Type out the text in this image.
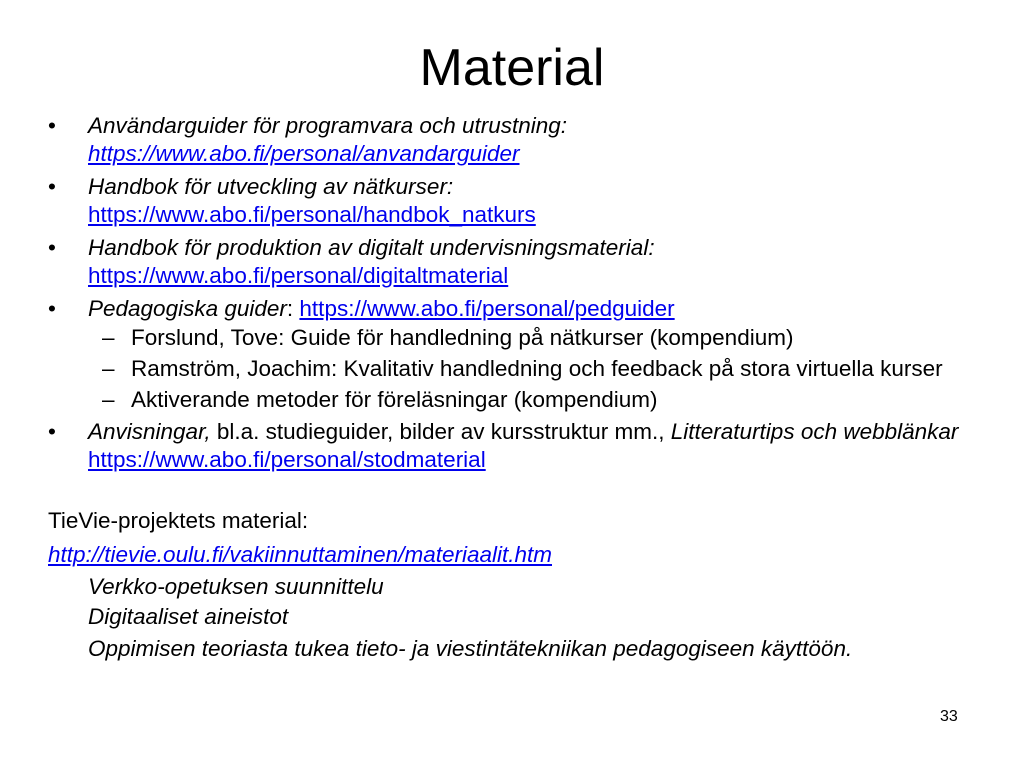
Material
• Användarguider för programvara och utrustning:
https://www.abo.fi/personal/anvandarguider
• Handbok för utveckling av nätkurser:
https://www.abo.fi/personal/handbok_natkurs
• Handbok för produktion av digitalt undervisningsmaterial:
https://www.abo.fi/personal/digitaltmaterial
• Pedagogiska guider: https://www.abo.fi/personal/pedguider
– Forslund, Tove: Guide för handledning på nätkurser (kompendium)
– Ramström, Joachim: Kvalitativ handledning och feedback på stora virtuella kurser
– Aktiverande metoder för föreläsningar (kompendium)
• Anvisningar, bl.a. studieguider, bilder av kursstruktur mm., Litteraturtips och webblänkar https://www.abo.fi/personal/stodmaterial
TieVie-projektets material:
http://tievie.oulu.fi/vakiinnuttaminen/materiaalit.htm
Verkko-opetuksen suunnittelu
Digitaaliset aineistot
Oppimisen teoriasta tukea tieto- ja viestintätekniikan pedagogiseen käyttöön.
33
